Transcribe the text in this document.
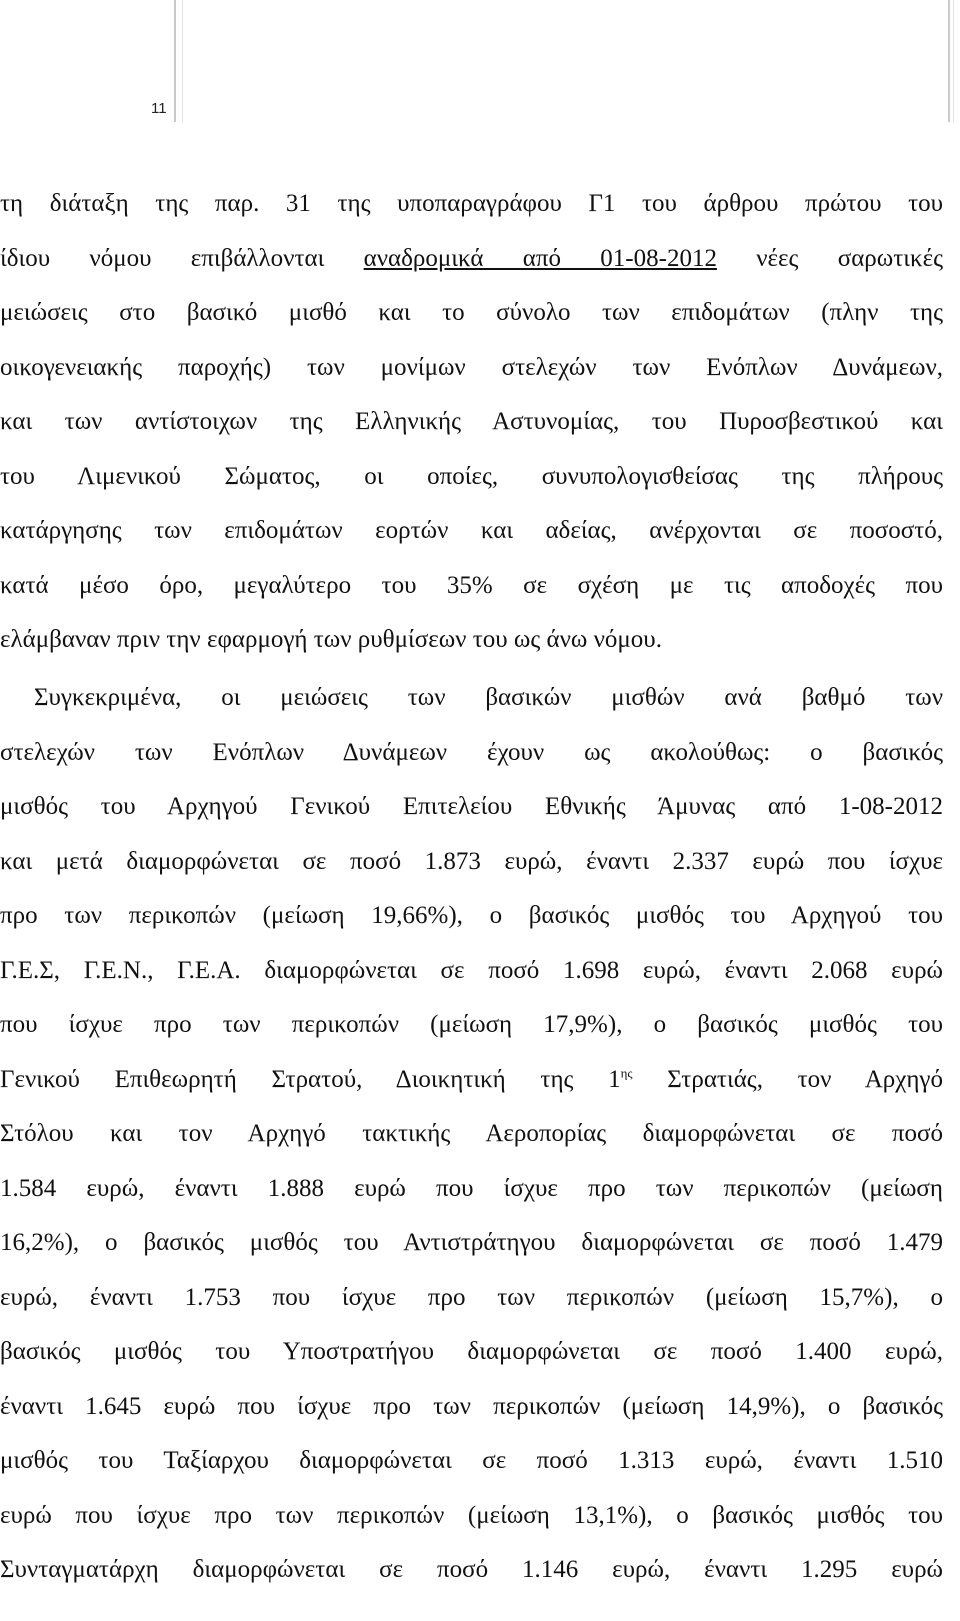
11
τη διάταξη της παρ. 31 της υποπαραγράφου Γ1 του άρθρου πρώτου του
ίδιου νόμου επιβάλλονται αναδρομικά από 01-08-2012 νέες σαρωτικές
μειώσεις στο βασικό μισθό και το σύνολο των επιδομάτων (πλην της
οικογενειακής παροχής) των μονίμων στελεχών των Ενόπλων Δυνάμεων,
και των αντίστοιχων της Ελληνικής Αστυνομίας, του Πυροσβεστικού και
του Λιμενικού Σώματος, οι οποίες, συνυπολογισθείσας της πλήρους
κατάργησης των επιδομάτων εορτών και αδείας, ανέρχονται σε ποσοστό,
κατά μέσο όρο, μεγαλύτερο του 35% σε σχέση με τις αποδοχές που
ελάμβαναν πριν την εφαρμογή των ρυθμίσεων του ως άνω νόμου.
Συγκεκριμένα, οι μειώσεις των βασικών μισθών ανά βαθμό των
στελεχών των Ενόπλων Δυνάμεων έχουν ως ακολούθως: ο βασικός
μισθός του Αρχηγού Γενικού Επιτελείου Εθνικής Άμυνας από 1-08-2012
και μετά διαμορφώνεται σε ποσό 1.873 ευρώ, έναντι 2.337 ευρώ που ίσχυε
προ των περικοπών (μείωση 19,66%), ο βασικός μισθός του Αρχηγού του
Γ.Ε.Σ, Γ.Ε.Ν., Γ.Ε.Α. διαμορφώνεται σε ποσό 1.698 ευρώ, έναντι 2.068 ευρώ
που ίσχυε προ των περικοπών (μείωση 17,9%), ο βασικός μισθός του
Γενικού Επιθεωρητή Στρατού, Διοικητική της $1^{\eta\varsigma}$ Στρατιάς, τον Αρχηγό
Στόλου και τον Αρχηγό τακτικής Αεροπορίας διαμορφώνεται σε ποσό
1.584 ευρώ, έναντι 1.888 ευρώ που ίσχυε προ των περικοπών (μείωση
16,2%), ο βασικός μισθός του Αντιστράτηγου διαμορφώνεται σε ποσό 1.479
ευρώ, έναντι 1.753 που ίσχυε προ των περικοπών (μείωση 15,7%), ο
βασικός μισθός του Υποστρατήγου διαμορφώνεται σε ποσό 1.400 ευρώ,
έναντι 1.645 ευρώ που ίσχυε προ των περικοπών (μείωση 14,9%), ο βασικός
μισθός του Ταξίαρχου διαμορφώνεται σε ποσό 1.313 ευρώ, έναντι 1.510
ευρώ που ίσχυε προ των περικοπών (μείωση 13,1%), ο βασικός μισθός του
Συνταγματάρχη διαμορφώνεται σε ποσό 1.146 ευρώ, έναντι 1.295 ευρώ
